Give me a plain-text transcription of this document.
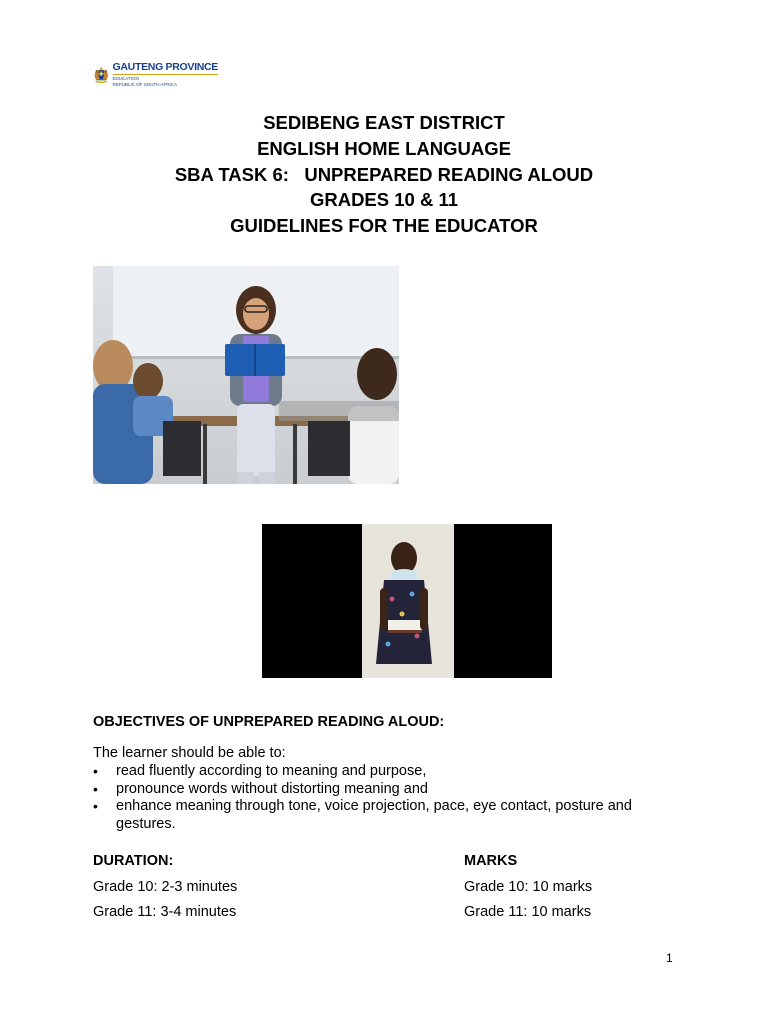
GAUTENG PROVINCE
EDUCATION
REPUBLIC OF SOUTH AFRICA
SEDIBENG EAST DISTRICT
ENGLISH HOME LANGUAGE
SBA TASK 6:   UNPREPARED READING ALOUD
GRADES 10 & 11
GUIDELINES FOR THE EDUCATOR
OBJECTIVES OF UNPREPARED READING ALOUD:
The learner should be able to:
• read fluently according to meaning and purpose,
• pronounce words without distorting meaning and
• enhance meaning through tone, voice projection, pace, eye contact, posture and gestures.
DURATION:	MARKS
Grade 10: 2-3 minutes	Grade 10: 10 marks
Grade 11: 3-4 minutes	Grade 11: 10 marks
1
